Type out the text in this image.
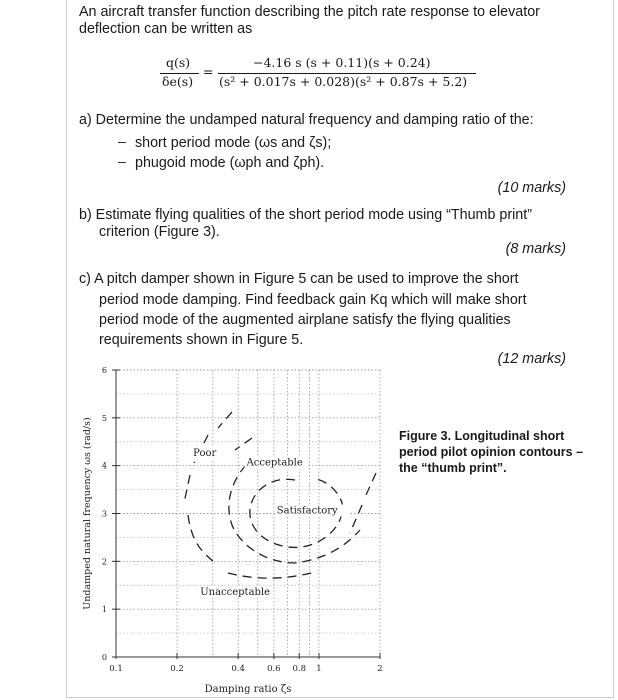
An aircraft transfer function describing the pitch rate response to elevator
deflection can be written as
q(s)
δe(s)
=
−4.16 s (s + 0.11)(s + 0.24)
(s² + 0.017s + 0.028)(s² + 0.87s + 5.2)
a) Determine the undamped natural frequency and damping ratio of the:
– short period mode (ωs and ζs);
– phugoid mode (ωph and ζph).
(10 marks)
b) Estimate flying qualities of the short period mode using “Thumb print”
criterion (Figure 3).
(8 marks)
c) A pitch damper shown in Figure 5 can be used to improve the short
period mode damping. Find feedback gain Kq which will make short
period mode of the augmented airplane satisfy the flying qualities
requirements shown in Figure 5.
(12 marks)
Poor
Acceptable
Satisfactory
Unacceptable
0
1
2
3
4
5
6
0.1	0.2	0.4	0.6 0.8 1	2
Damping ratio ζs
Undamped natural frequency ωs (rad/s)	Figure 3. Longitudinal short period pilot opinion contours – the “thumb print”.
